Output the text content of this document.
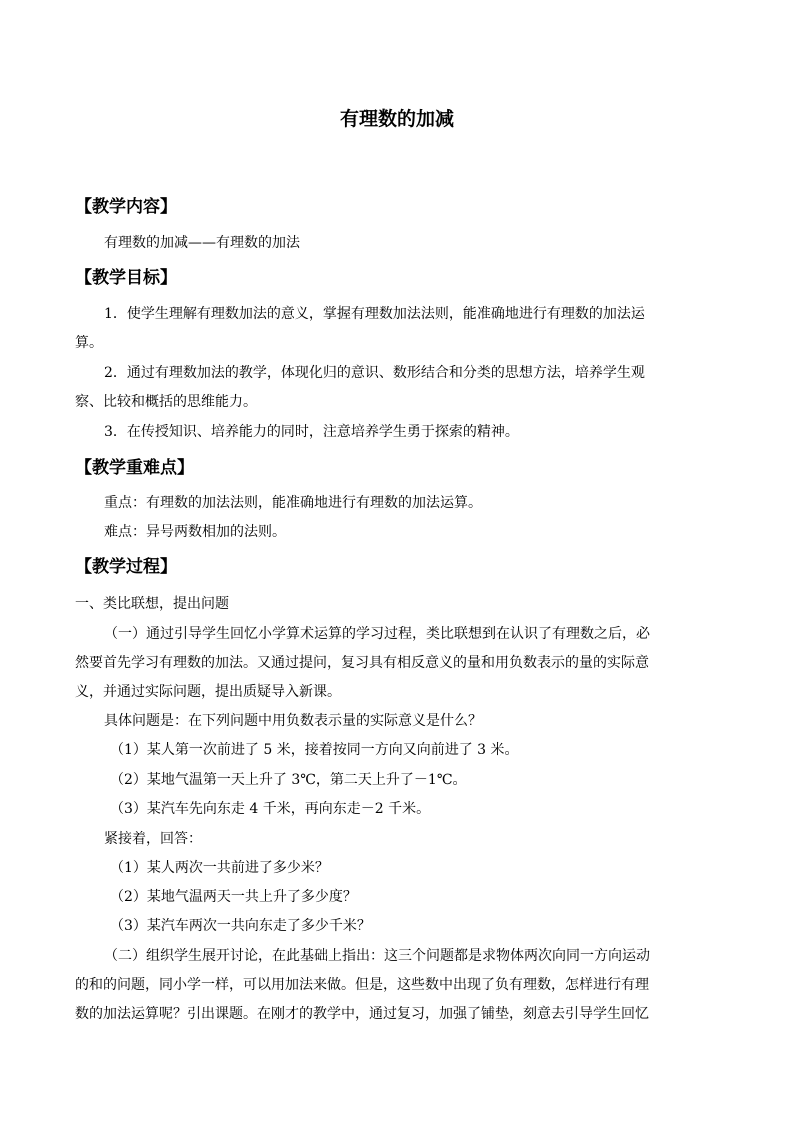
有理数的加减
【教学内容】
有理数的加减——有理数的加法
【教学目标】
1．使学生理解有理数加法的意义，掌握有理数加法法则，能准确地进行有理数的加法运
算。
2．通过有理数加法的教学，体现化归的意识、数形结合和分类的思想方法，培养学生观
察、比较和概括的思维能力。
3．在传授知识、培养能力的同时，注意培养学生勇于探索的精神。
【教学重难点】
重点：有理数的加法法则，能准确地进行有理数的加法运算。
难点：异号两数相加的法则。
【教学过程】
一、类比联想，提出问题
（一）通过引导学生回忆小学算术运算的学习过程，类比联想到在认识了有理数之后，必
然要首先学习有理数的加法。又通过提问，复习具有相反意义的量和用负数表示的量的实际意
义，并通过实际问题，提出质疑导入新课。
具体问题是：在下列问题中用负数表示量的实际意义是什么？
（1）某人第一次前进了 5 米，接着按同一方向又向前进了 3 米。
（2）某地气温第一天上升了 3℃，第二天上升了－1℃。
（3）某汽车先向东走 4 千米，再向东走－2 千米。
紧接着，回答：
（1）某人两次一共前进了多少米？
（2）某地气温两天一共上升了多少度？
（3）某汽车两次一共向东走了多少千米？
（二）组织学生展开讨论，在此基础上指出：这三个问题都是求物体两次向同一方向运动
的和的问题，同小学一样，可以用加法来做。但是，这些数中出现了负有理数，怎样进行有理
数的加法运算呢？引出课题。在刚才的教学中，通过复习，加强了铺垫，刻意去引导学生回忆
